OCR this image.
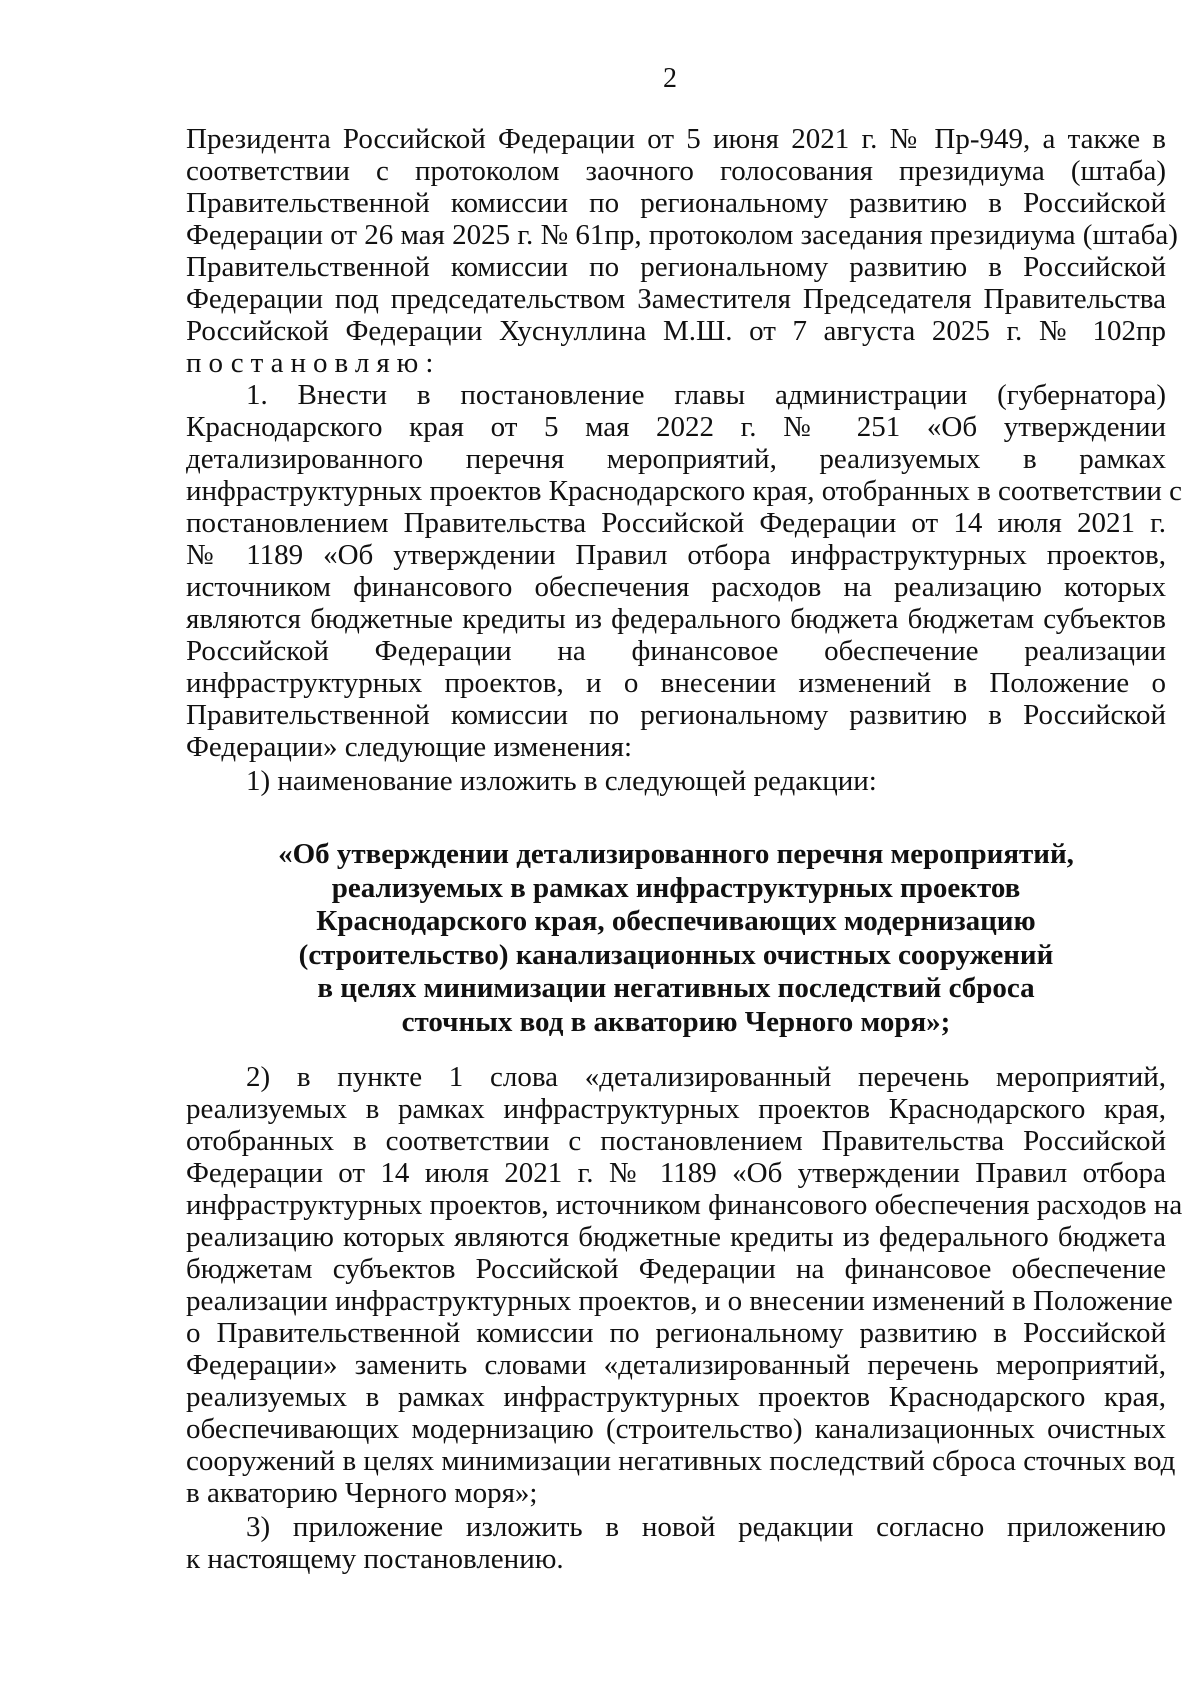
2
Президента Российской Федерации от 5 июня 2021 г. № Пр-949, а также в
соответствии с протоколом заочного голосования президиума (штаба)
Правительственной комиссии по региональному развитию в Российской
Федерации от 26 мая 2025 г. № 61пр, протоколом заседания президиума (штаба)
Правительственной комиссии по региональному развитию в Российской
Федерации под председательством Заместителя Председателя Правительства
Российской Федерации Хуснуллина М.Ш. от 7 августа 2025 г. № 102пр
постановляю:
1. Внести в постановление главы администрации (губернатора)
Краснодарского края от 5 мая 2022 г. № 251 «Об утверждении
детализированного перечня мероприятий, реализуемых в рамках
инфраструктурных проектов Краснодарского края, отобранных в соответствии с
постановлением Правительства Российской Федерации от 14 июля 2021 г.
№ 1189 «Об утверждении Правил отбора инфраструктурных проектов,
источником финансового обеспечения расходов на реализацию которых
являются бюджетные кредиты из федерального бюджета бюджетам субъектов
Российской Федерации на финансовое обеспечение реализации
инфраструктурных проектов, и о внесении изменений в Положение о
Правительственной комиссии по региональному развитию в Российской
Федерации» следующие изменения:
1) наименование изложить в следующей редакции:
2) в пункте 1 слова «детализированный перечень мероприятий,
реализуемых в рамках инфраструктурных проектов Краснодарского края,
отобранных в соответствии с постановлением Правительства Российской
Федерации от 14 июля 2021 г. № 1189 «Об утверждении Правил отбора
инфраструктурных проектов, источником финансового обеспечения расходов на
реализацию которых являются бюджетные кредиты из федерального бюджета
бюджетам субъектов Российской Федерации на финансовое обеспечение
реализации инфраструктурных проектов, и о внесении изменений в Положение
о Правительственной комиссии по региональному развитию в Российской
Федерации» заменить словами «детализированный перечень мероприятий,
реализуемых в рамках инфраструктурных проектов Краснодарского края,
обеспечивающих модернизацию (строительство) канализационных очистных
сооружений в целях минимизации негативных последствий сброса сточных вод
в акваторию Черного моря»;
3) приложение изложить в новой редакции согласно приложению
к настоящему постановлению.
«Об утверждении детализированного перечня мероприятий,
реализуемых в рамках инфраструктурных проектов
Краснодарского края, обеспечивающих модернизацию
(строительство) канализационных очистных сооружений
в целях минимизации негативных последствий сброса
сточных вод в акваторию Черного моря»;
